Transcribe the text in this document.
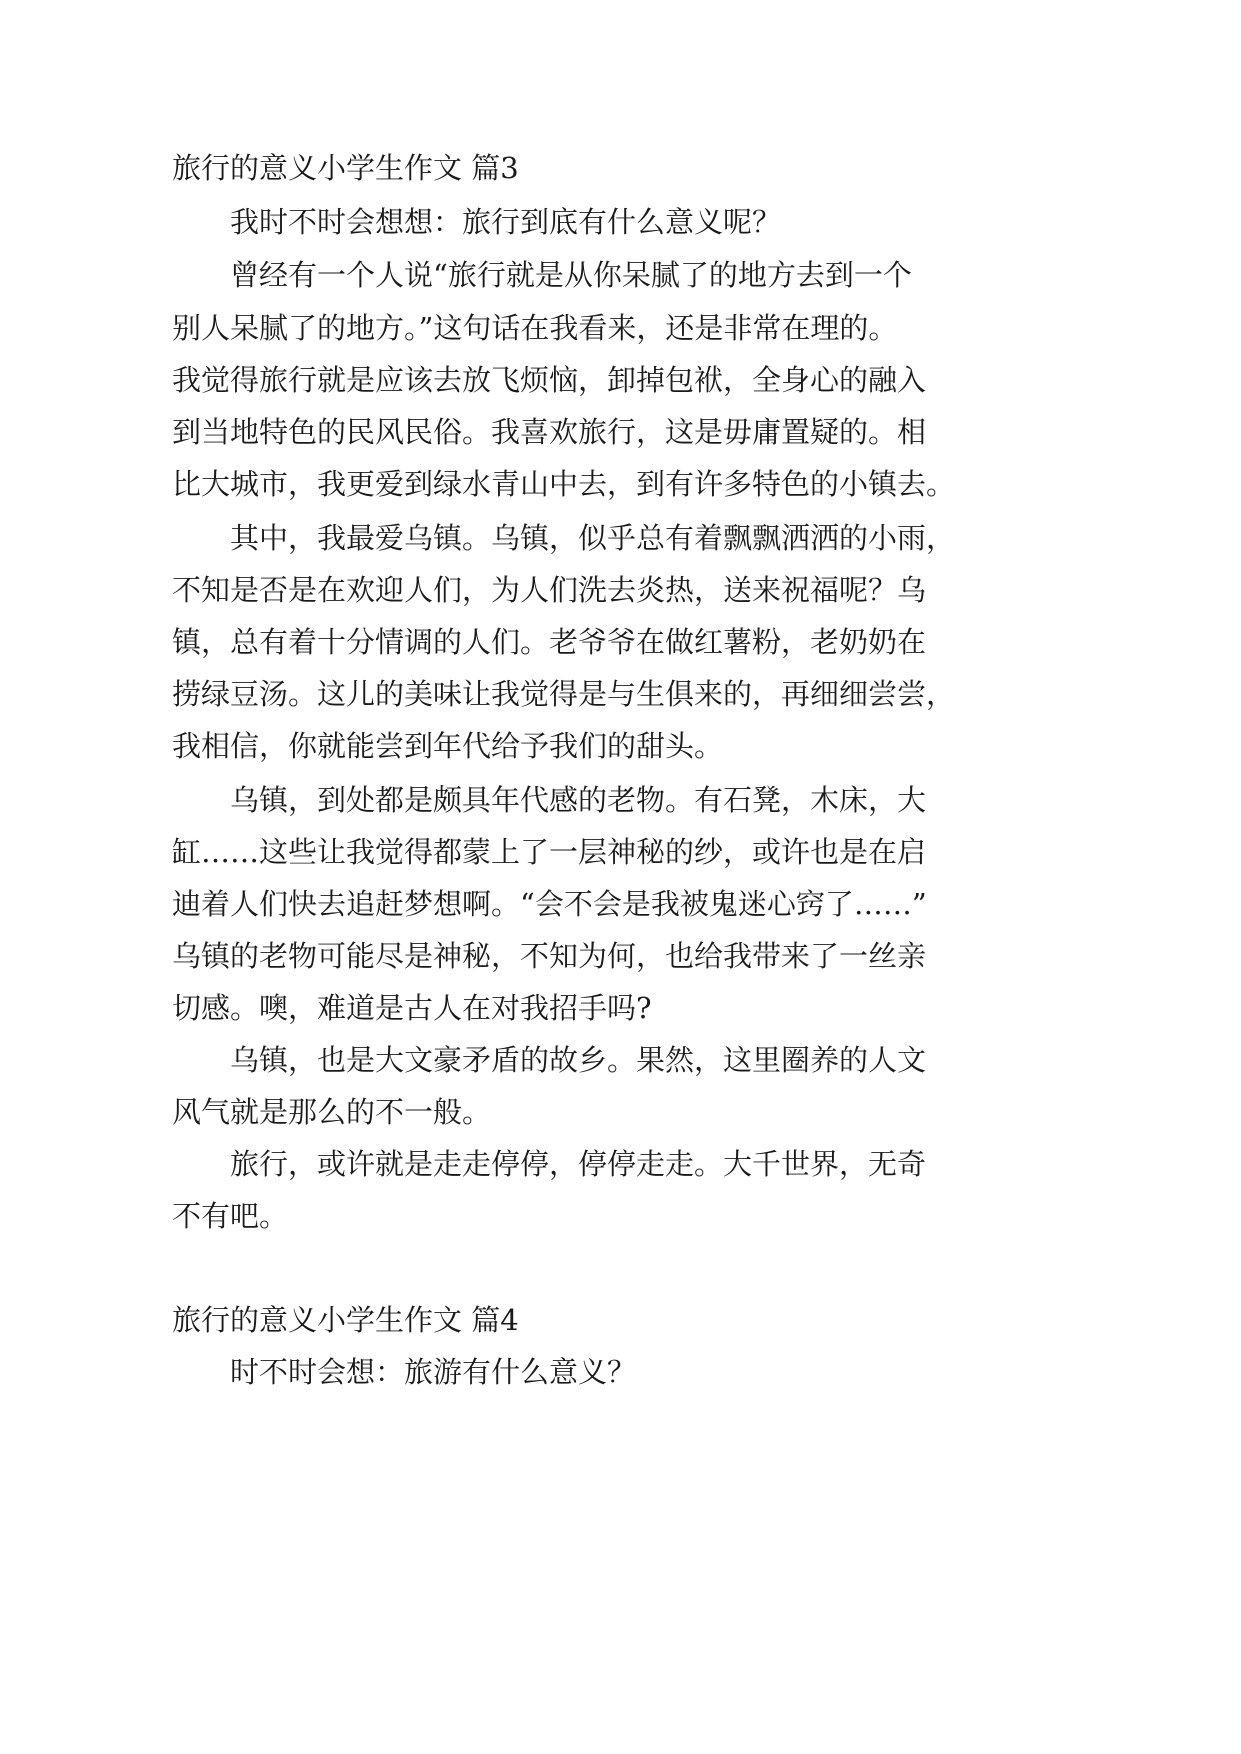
旅行的意义小学生作文 篇3
我时不时会想想：旅行到底有什么意义呢？
曾经有一个人说“旅行就是从你呆腻了的地方去到一个
别人呆腻了的地方。”这句话在我看来，还是非常在理的。
我觉得旅行就是应该去放飞烦恼，卸掉包袱，全身心的融入
到当地特色的民风民俗。我喜欢旅行，这是毋庸置疑的。相
比大城市，我更爱到绿水青山中去，到有许多特色的小镇去。
其中，我最爱乌镇。乌镇，似乎总有着飘飘洒洒的小雨，
不知是否是在欢迎人们，为人们洗去炎热，送来祝福呢？乌
镇，总有着十分情调的人们。老爷爷在做红薯粉，老奶奶在
捞绿豆汤。这儿的美味让我觉得是与生俱来的，再细细尝尝，
我相信，你就能尝到年代给予我们的甜头。
乌镇，到处都是颇具年代感的老物。有石凳，木床，大
缸……这些让我觉得都蒙上了一层神秘的纱，或许也是在启
迪着人们快去追赶梦想啊。“会不会是我被鬼迷心窍了……”
乌镇的老物可能尽是神秘，不知为何，也给我带来了一丝亲
切感。噢，难道是古人在对我招手吗?
乌镇，也是大文豪矛盾的故乡。果然，这里圈养的人文
风气就是那么的不一般。
旅行，或许就是走走停停，停停走走。大千世界，无奇
不有吧。
旅行的意义小学生作文 篇4
时不时会想：旅游有什么意义？
